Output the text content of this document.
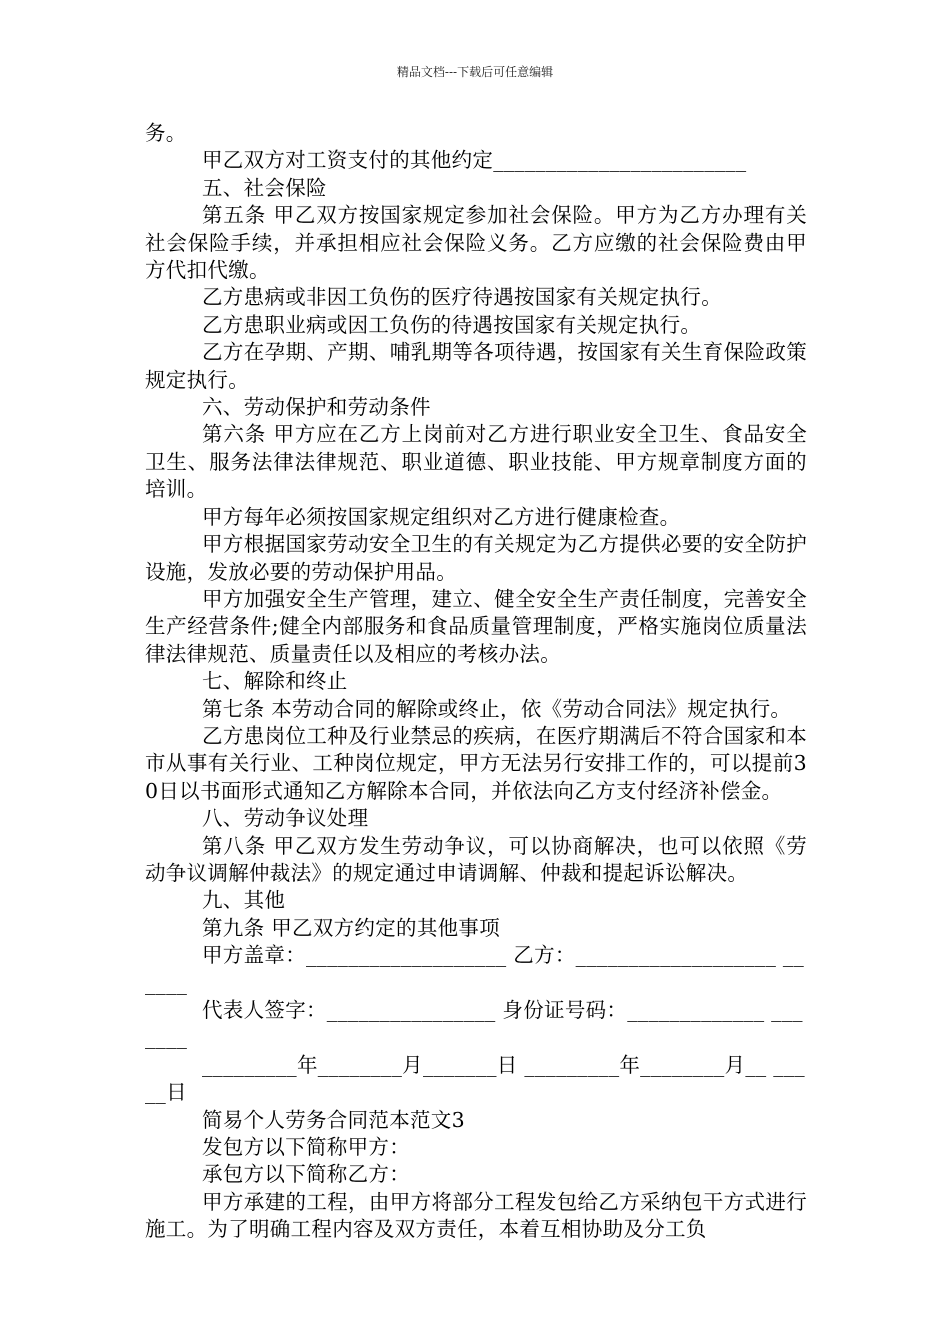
精品文档---下载后可任意编辑

务。

甲乙双方对工资支付的其他约定________________________

五、社会保险

第五条 甲乙双方按国家规定参加社会保险。甲方为乙方办理有关社会保险手续，并承担相应社会保险义务。乙方应缴的社会保险费由甲方代扣代缴。

乙方患病或非因工负伤的医疗待遇按国家有关规定执行。

乙方患职业病或因工负伤的待遇按国家有关规定执行。

乙方在孕期、产期、哺乳期等各项待遇，按国家有关生育保险政策规定执行。

六、劳动保护和劳动条件

第六条 甲方应在乙方上岗前对乙方进行职业安全卫生、食品安全卫生、服务法律法律规范、职业道德、职业技能、甲方规章制度方面的培训。

甲方每年必须按国家规定组织对乙方进行健康检查。

甲方根据国家劳动安全卫生的有关规定为乙方提供必要的安全防护设施，发放必要的劳动保护用品。

甲方加强安全生产管理，建立、健全安全生产责任制度，完善安全生产经营条件;健全内部服务和食品质量管理制度，严格实施岗位质量法律法律规范、质量责任以及相应的考核办法。

七、解除和终止

第七条 本劳动合同的解除或终止，依《劳动合同法》规定执行。

乙方患岗位工种及行业禁忌的疾病，在医疗期满后不符合国家和本市从事有关行业、工种岗位规定，甲方无法另行安排工作的，可以提前30日以书面形式通知乙方解除本合同，并依法向乙方支付经济补偿金。

八、劳动争议处理

第八条 甲乙双方发生劳动争议，可以协商解决，也可以依照《劳动争议调解仲裁法》的规定通过申请调解、仲裁和提起诉讼解决。

九、其他

第九条 甲乙双方约定的其他事项

甲方盖章：___________________ 乙方：___________________ ______

代表人签字：________________ 身份证号码：_____________ _______

_________年________月_______日 _________年________月__ _____日

简易个人劳务合同范本范文3

发包方以下简称甲方：

承包方以下简称乙方：

甲方承建的工程，由甲方将部分工程发包给乙方采纳包干方式进行施工。为了明确工程内容及双方责任，本着互相协助及分工负
